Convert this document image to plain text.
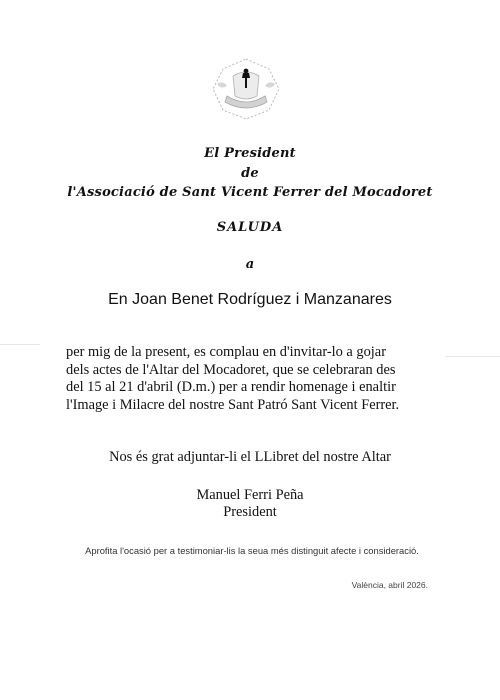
El President
de
l'Associació de Sant Vicent Ferrer del Mocadoret
SALUDA
a
En Joan Benet Rodríguez i Manzanares
per mig de la present, es complau en d'invitar-lo a gojar
dels actes de l'Altar del Mocadoret, que se celebraran des
del 15 al 21 d'abril (D.m.) per a rendir homenage i enaltir
l'Image i Milacre del nostre Sant Patró Sant Vicent Ferrer.
Nos és grat adjuntar-li el LLibret del nostre Altar
Manuel Ferri Peña
President
Aprofita l'ocasió per a testimoniar-lis la seua més distinguit afecte i consideració.
València, abril 2026.
